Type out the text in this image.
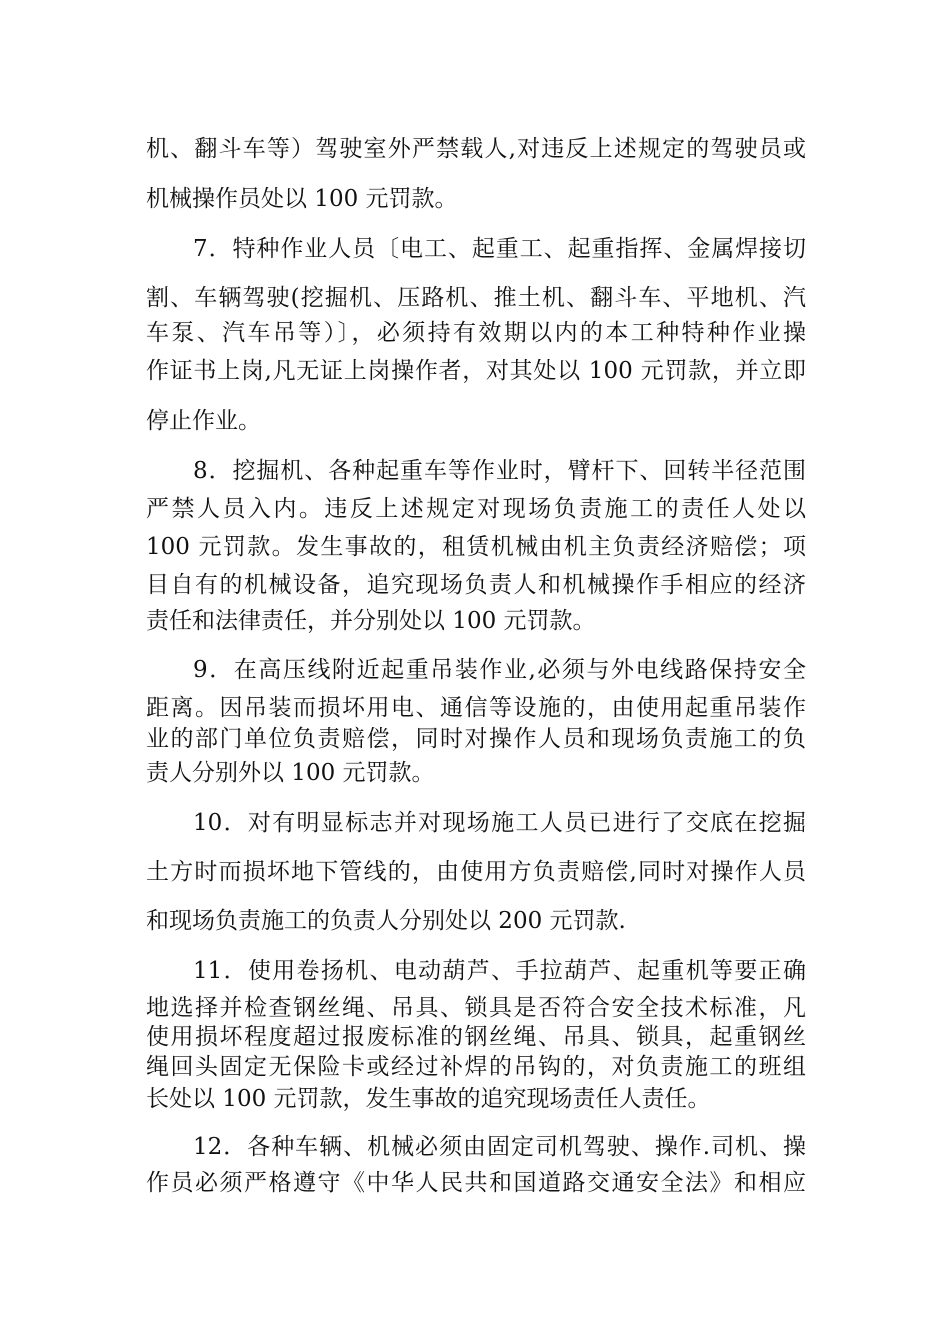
机、翻斗车等）驾驶室外严禁载人,对违反上述规定的驾驶员或
机械操作员处以 100 元罚款。
7．特种作业人员〔电工、起重工、起重指挥、金属焊接切
割、车辆驾驶(挖掘机、压路机、推土机、翻斗车、平地机、汽
车泵、汽车吊等）〕，必须持有效期以内的本工种特种作业操
作证书上岗,凡无证上岗操作者，对其处以 100 元罚款，并立即
停止作业。
8．挖掘机、各种起重车等作业时，臂杆下、回转半径范围
严禁人员入内。违反上述规定对现场负责施工的责任人处以
100 元罚款。发生事故的，租赁机械由机主负责经济赔偿；项
目自有的机械设备，追究现场负责人和机械操作手相应的经济
责任和法律责任，并分别处以 100 元罚款。
9．在高压线附近起重吊装作业,必须与外电线路保持安全
距离。因吊装而损坏用电、通信等设施的，由使用起重吊装作
业的部门单位负责赔偿，同时对操作人员和现场负责施工的负
责人分别外以 100 元罚款。
10．对有明显标志并对现场施工人员已进行了交底在挖掘
土方时而损坏地下管线的，由使用方负责赔偿,同时对操作人员
和现场负责施工的负责人分别处以 200 元罚款.
11．使用卷扬机、电动葫芦、手拉葫芦、起重机等要正确
地选择并检查钢丝绳、吊具、锁具是否符合安全技术标准，凡
使用损坏程度超过报废标准的钢丝绳、吊具、锁具，起重钢丝
绳回头固定无保险卡或经过补焊的吊钩的，对负责施工的班组
长处以 100 元罚款，发生事故的追究现场责任人责任。
12．各种车辆、机械必须由固定司机驾驶、操作.司机、操
作员必须严格遵守《中华人民共和国道路交通安全法》和相应
